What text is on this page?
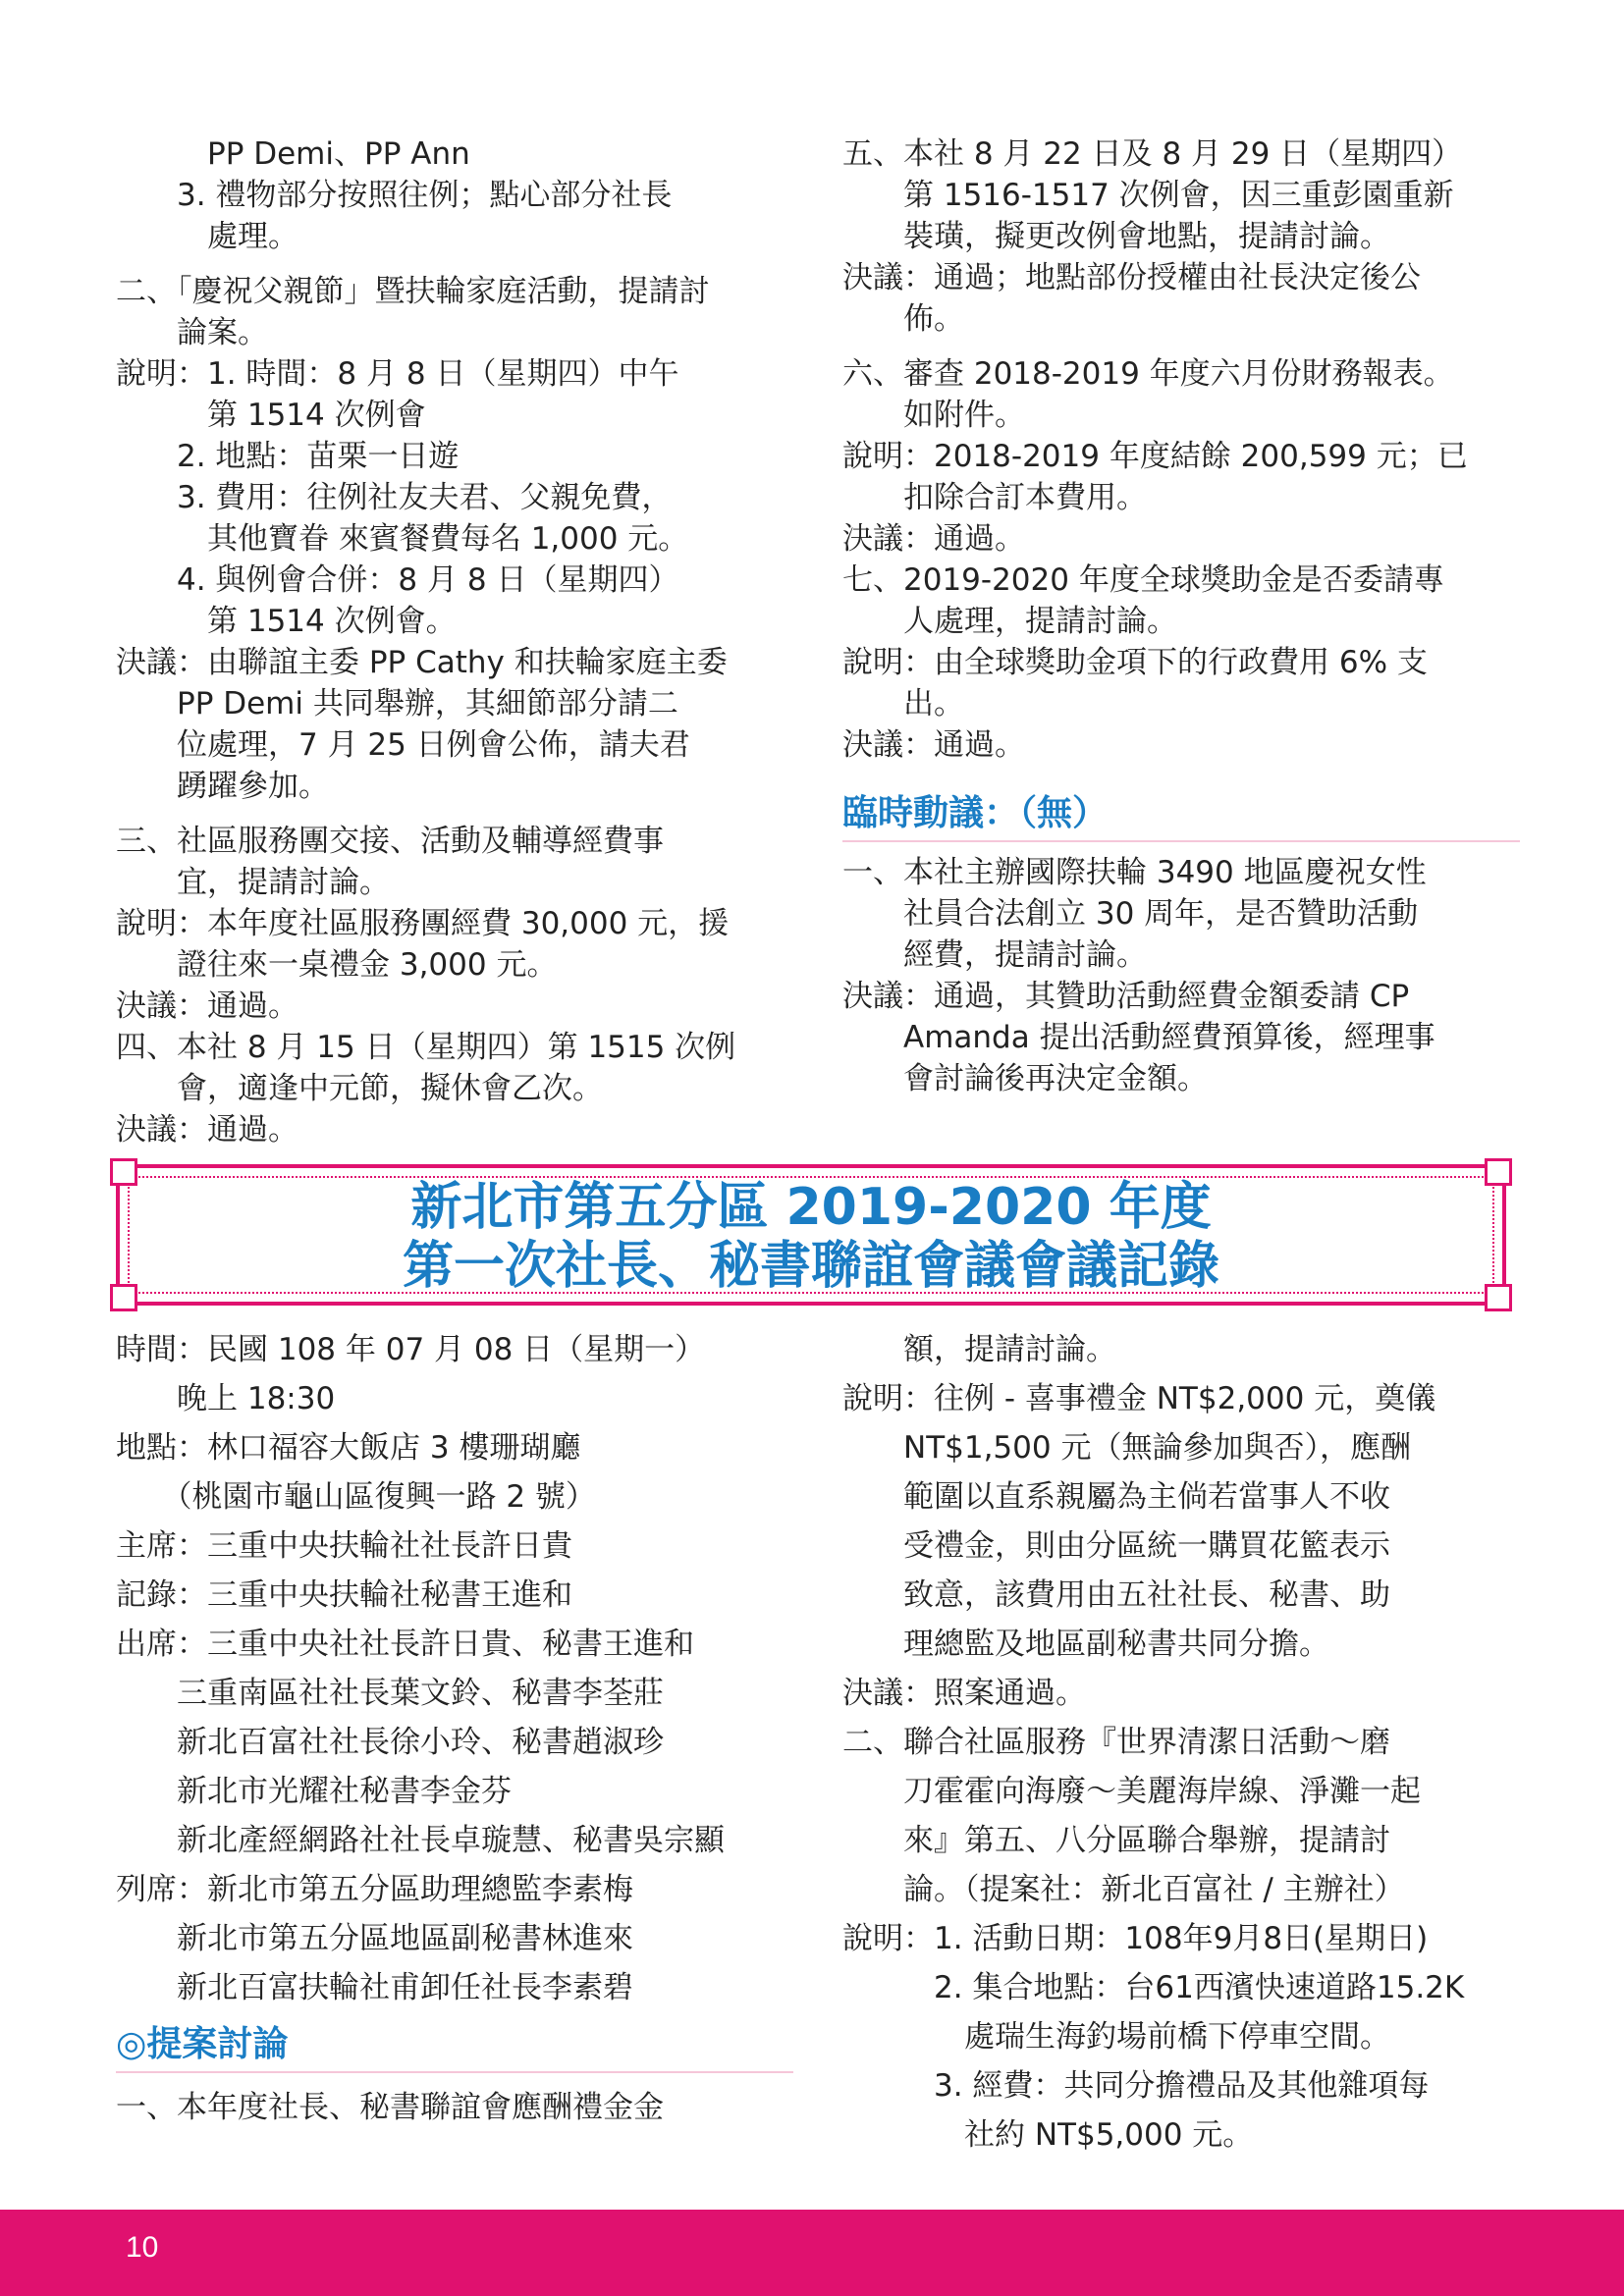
　　　PP Demi、PP Ann
　　3. 禮物部分按照往例；點心部分社長
　　　處理。
二、「慶祝父親節」暨扶輪家庭活動，提請討
　　論案。
說明：1. 時間：8 月 8 日（星期四）中午
　　　第 1514 次例會
　　2. 地點：苗栗一日遊
　　3. 費用：往例社友夫君、父親免費，
　　　其他寶眷 來賓餐費每名 1,000 元。
　　4. 與例會合併：8 月 8 日（星期四）
　　　第 1514 次例會。
決議：由聯誼主委 PP Cathy 和扶輪家庭主委
　　PP Demi 共同舉辦，其細節部分請二
　　位處理，7 月 25 日例會公佈，請夫君
　　踴躍參加。
三、社區服務團交接、活動及輔導經費事
　　宜，提請討論。
說明：本年度社區服務團經費 30,000 元，援
　　證往來一桌禮金 3,000 元。
決議：通過。
四、本社 8 月 15 日（星期四）第 1515 次例
　　會，適逢中元節，擬休會乙次。
決議：通過。
五、本社 8 月 22 日及 8 月 29 日（星期四）
　　第 1516-1517 次例會，因三重彭園重新
　　裝璜，擬更改例會地點，提請討論。
決議：通過；地點部份授權由社長決定後公
　　佈。
六、審查 2018-2019 年度六月份財務報表。
　　如附件。
說明：2018-2019 年度結餘 200,599 元；已
　　扣除合訂本費用。
決議：通過。
七、2019-2020 年度全球獎助金是否委請專
　　人處理，提請討論。
說明：由全球獎助金項下的行政費用 6% 支
　　出。
決議：通過。
臨時動議：（無）
一、本社主辦國際扶輪 3490 地區慶祝女性
　　社員合法創立 30 周年，是否贊助活動
　　經費，提請討論。
決議：通過，其贊助活動經費金額委請 CP
　　Amanda 提出活動經費預算後，經理事
　　會討論後再決定金額。
新北市第五分區 2019-2020 年度
第一次社長、秘書聯誼會議會議記錄
時間：民國 108 年 07 月 08 日（星期一）
　　晚上 18:30
地點：林口福容大飯店 3 樓珊瑚廳
　　（桃園市龜山區復興一路 2 號）
主席：三重中央扶輪社社長許日貴
記錄：三重中央扶輪社秘書王進和
出席：三重中央社社長許日貴、秘書王進和
　　三重南區社社長葉文鈴、秘書李荃莊
　　新北百富社社長徐小玲、秘書趙淑珍
　　新北市光耀社秘書李金芬
　　新北產經網路社社長卓璇慧、秘書吳宗顯
列席：新北市第五分區助理總監李素梅
　　新北市第五分區地區副秘書林進來
　　新北百富扶輪社甫卸任社長李素碧
◎提案討論
一、本年度社長、秘書聯誼會應酬禮金金
　　額，提請討論。
說明：往例 - 喜事禮金 NT$2,000 元，奠儀
　　NT$1,500 元（無論參加與否），應酬
　　範圍以直系親屬為主倘若當事人不收
　　受禮金，則由分區統一購買花籃表示
　　致意，該費用由五社社長、秘書、助
　　理總監及地區副秘書共同分擔。
決議：照案通過。
二、聯合社區服務『世界清潔日活動～磨
　　刀霍霍向海廢～美麗海岸線、淨灘一起
　　來』第五、八分區聯合舉辦，提請討
　　論。（提案社：新北百富社 / 主辦社）
說明：1. 活動日期：108年9月8日(星期日)
　　　2. 集合地點：台61西濱快速道路15.2K
　　　　處瑞生海釣場前橋下停車空間。
　　　3. 經費：共同分擔禮品及其他雜項每
　　　　社約 NT$5,000 元。
10
